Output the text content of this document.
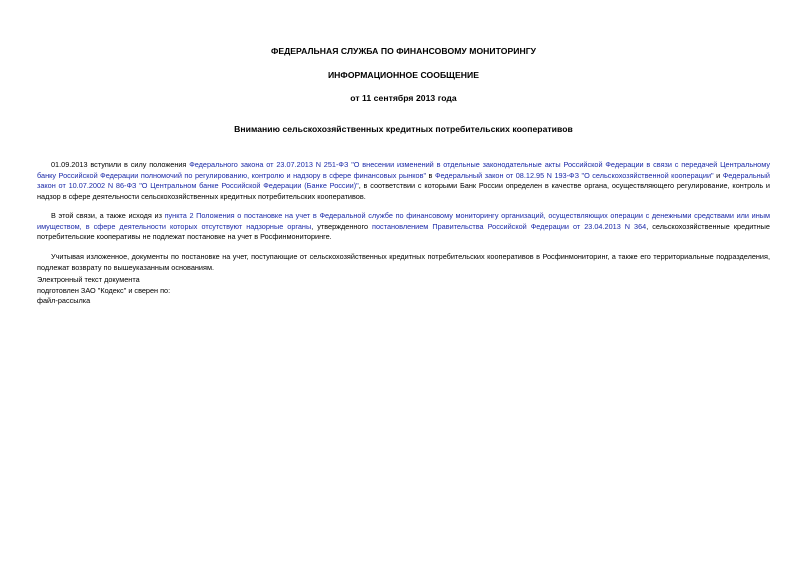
ФЕДЕРАЛЬНАЯ СЛУЖБА ПО ФИНАНСОВОМУ МОНИТОРИНГУ
ИНФОРМАЦИОННОЕ СООБЩЕНИЕ
от 11 сентября 2013 года
Вниманию сельскохозяйственных кредитных потребительских кооперативов
01.09.2013 вступили в силу положения Федерального закона от 23.07.2013 N 251-ФЗ "О внесении изменений в отдельные законодательные акты Российской Федерации в связи с передачей Центральному банку Российской Федерации полномочий по регулированию, контролю и надзору в сфере финансовых рынков" в Федеральный закон от 08.12.95 N 193-ФЗ "О сельскохозяйственной кооперации" и Федеральный закон от 10.07.2002 N 86-ФЗ "О Центральном банке Российской Федерации (Банке России)", в соответствии с которыми Банк России определен в качестве органа, осуществляющего регулирование, контроль и надзор в сфере деятельности сельскохозяйственных кредитных потребительских кооперативов.
В этой связи, а также исходя из пункта 2 Положения о постановке на учет в Федеральной службе по финансовому мониторингу организаций, осуществляющих операции с денежными средствами или иным имуществом, в сфере деятельности которых отсутствуют надзорные органы, утвержденного постановлением Правительства Российской Федерации от 23.04.2013 N 364, сельскохозяйственные кредитные потребительские кооперативы не подлежат постановке на учет в Росфинмониторинге.
Учитывая изложенное, документы по постановке на учет, поступающие от сельскохозяйственных кредитных потребительских кооперативов в Росфинмониторинг, а также его территориальные подразделения, подлежат возврату по вышеуказанным основаниям.
Электронный текст документа
подготовлен ЗАО "Кодекс" и сверен по:
файл-рассылка
